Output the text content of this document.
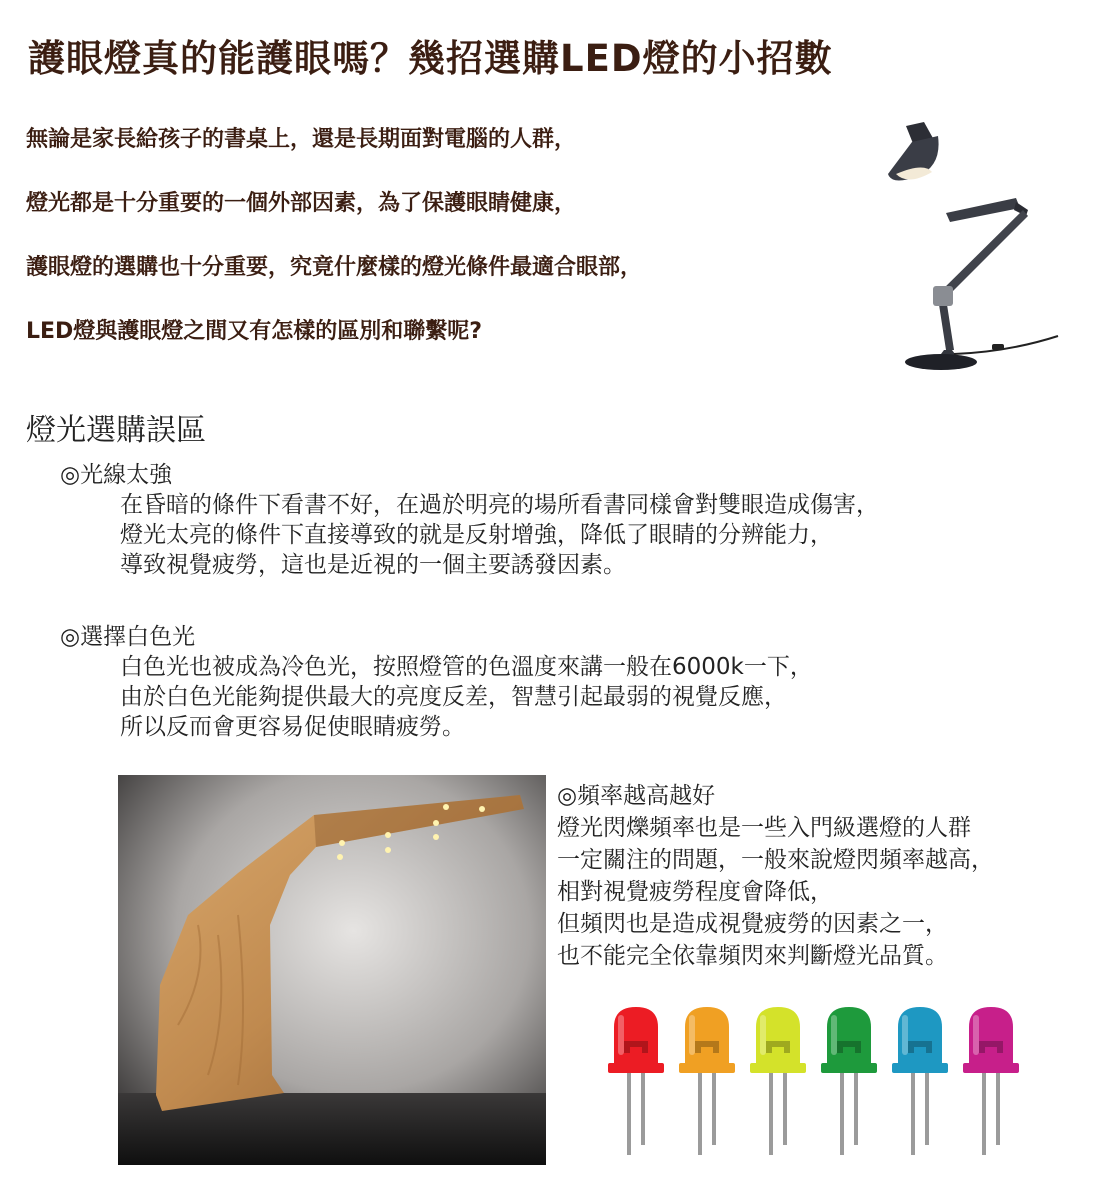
護眼燈真的能護眼嗎？幾招選購LED燈的小招數

無論是家長給孩子的書桌上，還是長期面對電腦的人群，

燈光都是十分重要的一個外部因素，為了保護眼睛健康，

護眼燈的選購也十分重要，究竟什麼樣的燈光條件最適合眼部，

LED燈與護眼燈之間又有怎樣的區別和聯繫呢?

燈光選購誤區
◎光線太強
在昏暗的條件下看書不好，在過於明亮的場所看書同樣會對雙眼造成傷害，
燈光太亮的條件下直接導致的就是反射增強，降低了眼睛的分辨能力，
導致視覺疲勞，這也是近視的一個主要誘發因素。
◎選擇白色光
白色光也被成為冷色光，按照燈管的色溫度來講一般在6000k一下，
由於白色光能夠提供最大的亮度反差，智慧引起最弱的視覺反應，
所以反而會更容易促使眼睛疲勞。
◎頻率越高越好
燈光閃爍頻率也是一些入門級選燈的人群
一定關注的問題，一般來說燈閃頻率越高，
相對視覺疲勞程度會降低，
但頻閃也是造成視覺疲勞的因素之一，
也不能完全依靠頻閃來判斷燈光品質。
